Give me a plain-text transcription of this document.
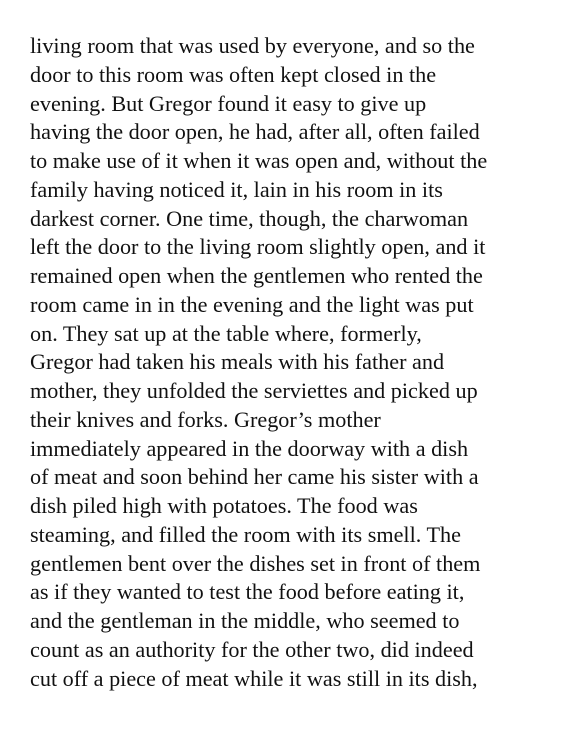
living room that was used by everyone, and so the
door to this room was often kept closed in the
evening. But Gregor found it easy to give up
having the door open, he had, after all, often failed
to make use of it when it was open and, without the
family having noticed it, lain in his room in its
darkest corner. One time, though, the charwoman
left the door to the living room slightly open, and it
remained open when the gentlemen who rented the
room came in in the evening and the light was put
on. They sat up at the table where, formerly,
Gregor had taken his meals with his father and
mother, they unfolded the serviettes and picked up
their knives and forks. Gregor’s mother
immediately appeared in the doorway with a dish
of meat and soon behind her came his sister with a
dish piled high with potatoes. The food was
steaming, and filled the room with its smell. The
gentlemen bent over the dishes set in front of them
as if they wanted to test the food before eating it,
and the gentleman in the middle, who seemed to
count as an authority for the other two, did indeed
cut off a piece of meat while it was still in its dish,
